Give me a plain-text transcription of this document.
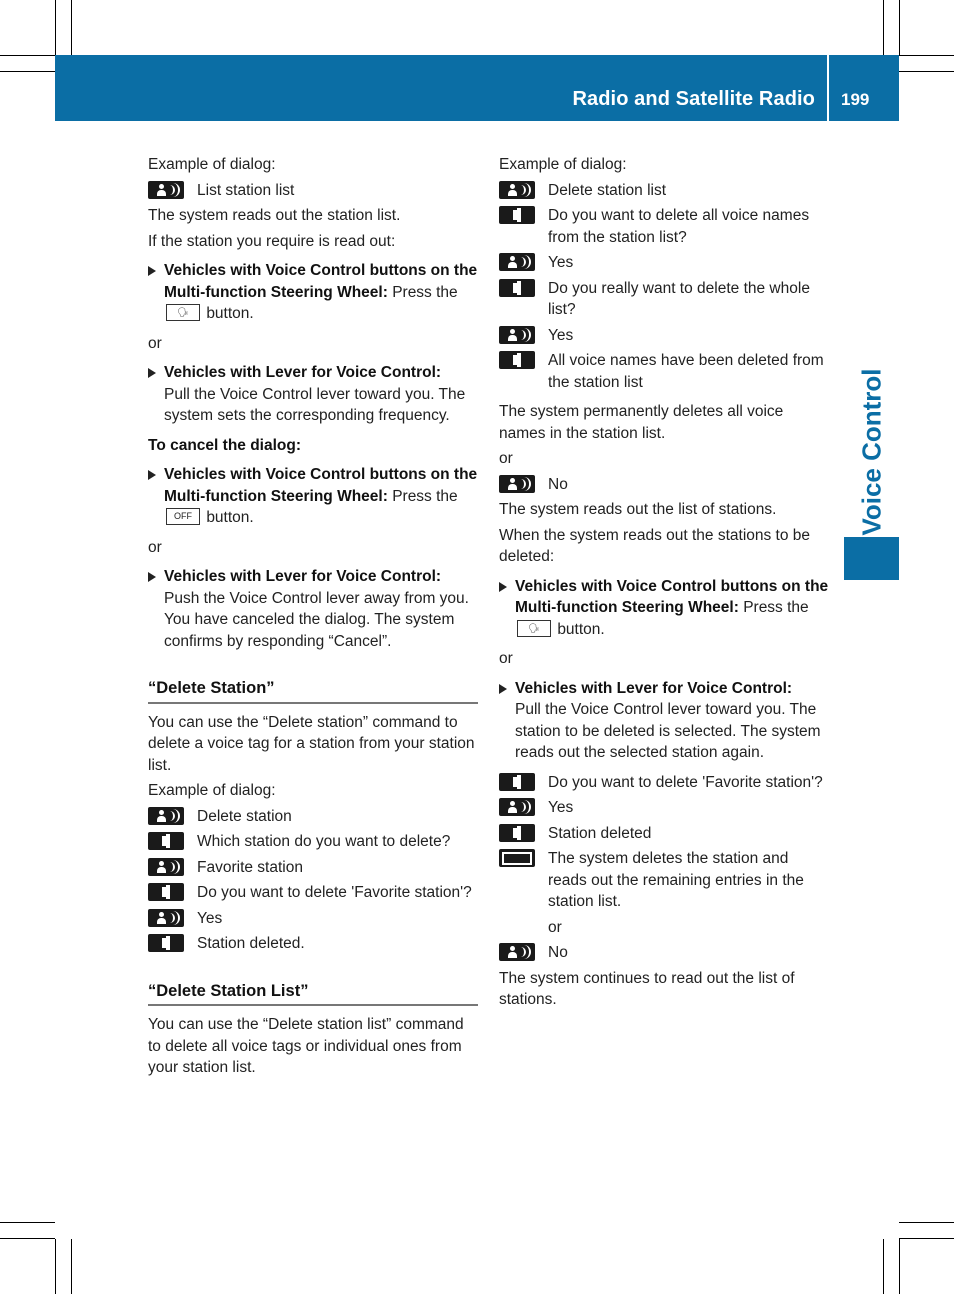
Radio and Satellite Radio 199
Voice Control

Example of dialog:

List station list

The system reads out the station list.

If the station you require is read out:

Vehicles with Voice Control buttons on the Multi-function Steering Wheel: Press the
🗣	button.

or

Vehicles with Lever for Voice Control:
Pull the Voice Control lever toward you. The system sets the corresponding frequency.

To cancel the dialog:

Vehicles with Voice Control buttons on the Multi-function Steering Wheel: Press the
OFF button.

or

Vehicles with Lever for Voice Control:
Push the Voice Control lever away from you.
You have canceled the dialog. The system confirms by responding “Cancel”.
“Delete Station”

You can use the “Delete station” command to delete a voice tag for a station from your station list.

Example of dialog:

Delete station
Which station do you want to delete?
Favorite station
Do you want to delete 'Favorite station'?
Yes
Station deleted.
“Delete Station List”

You can use the “Delete station list” command to delete all voice tags or individual ones from your station list.

Example of dialog:

Delete station list
Do you want to delete all voice names from the station list?
Yes
Do you really want to delete the whole list?
Yes
All voice names have been deleted from the station list

The system permanently deletes all voice names in the station list.

or

No

The system reads out the list of stations.

When the system reads out the stations to be deleted:

Vehicles with Voice Control buttons on the Multi-function Steering Wheel: Press the
🗣	button.

or

Vehicles with Lever for Voice Control:
Pull the Voice Control lever toward you. The station to be deleted is selected. The system reads out the selected station again.
Do you want to delete 'Favorite station'?
Yes
Station deleted
The system deletes the station and reads out the remaining entries in the station list.

or

No

The system continues to read out the list of stations.
